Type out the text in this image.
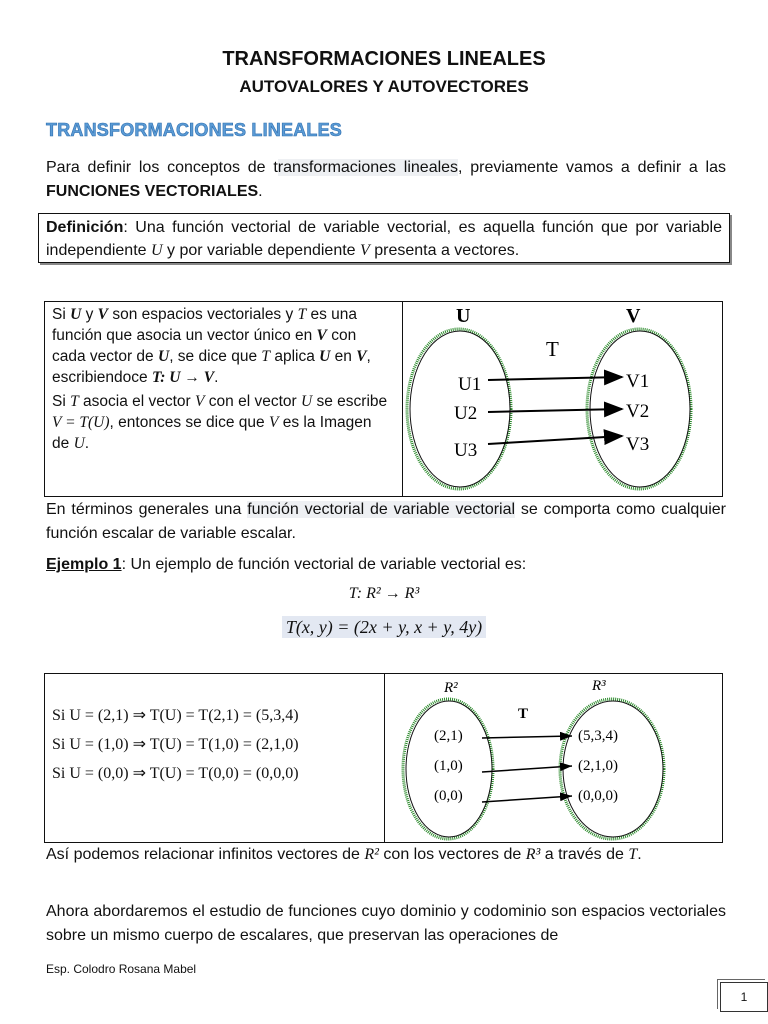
TRANSFORMACIONES LINEALES
AUTOVALORES Y AUTOVECTORES
TRANSFORMACIONES LINEALES
Para definir los conceptos de transformaciones lineales, previamente vamos a definir a las FUNCIONES VECTORIALES.
Definición: Una función vectorial de variable vectorial, es aquella función que por variable independiente U y por variable dependiente V presenta a vectores.
Si U y V son espacios vectoriales y T es una función que asocia un vector único en V con cada vector de U, se dice que T aplica U en V, escribiendoce T: U → V.
Si T asocia el vector V con el vector U se escribe V = T(U), entonces se dice que V es la Imagen de U.
U	V
T
U1
U2
U3
V1
V2
V3
En términos generales una función vectorial de variable vectorial se comporta como cualquier función escalar de variable escalar.
Ejemplo 1: Un ejemplo de función vectorial de variable vectorial es:
T: R² → R³
T(x, y) = (2x + y, x + y, 4y)
Si U = (2,1) ⇒ T(U) = T(2,1) = (5,3,4)
Si U = (1,0) ⇒ T(U) = T(1,0) = (2,1,0)
Si U = (0,0) ⇒ T(U) = T(0,0) = (0,0,0)
R²	R³
T
(2,1)
(1,0)
(0,0)
(5,3,4)
(2,1,0)
(0,0,0)
Así podemos relacionar infinitos vectores de R² con los vectores de R³ a través de T.
Ahora abordaremos el estudio de funciones cuyo dominio y codominio son espacios vectoriales sobre un mismo cuerpo de escalares, que preservan las operaciones de
Esp. Colodro Rosana Mabel
1
